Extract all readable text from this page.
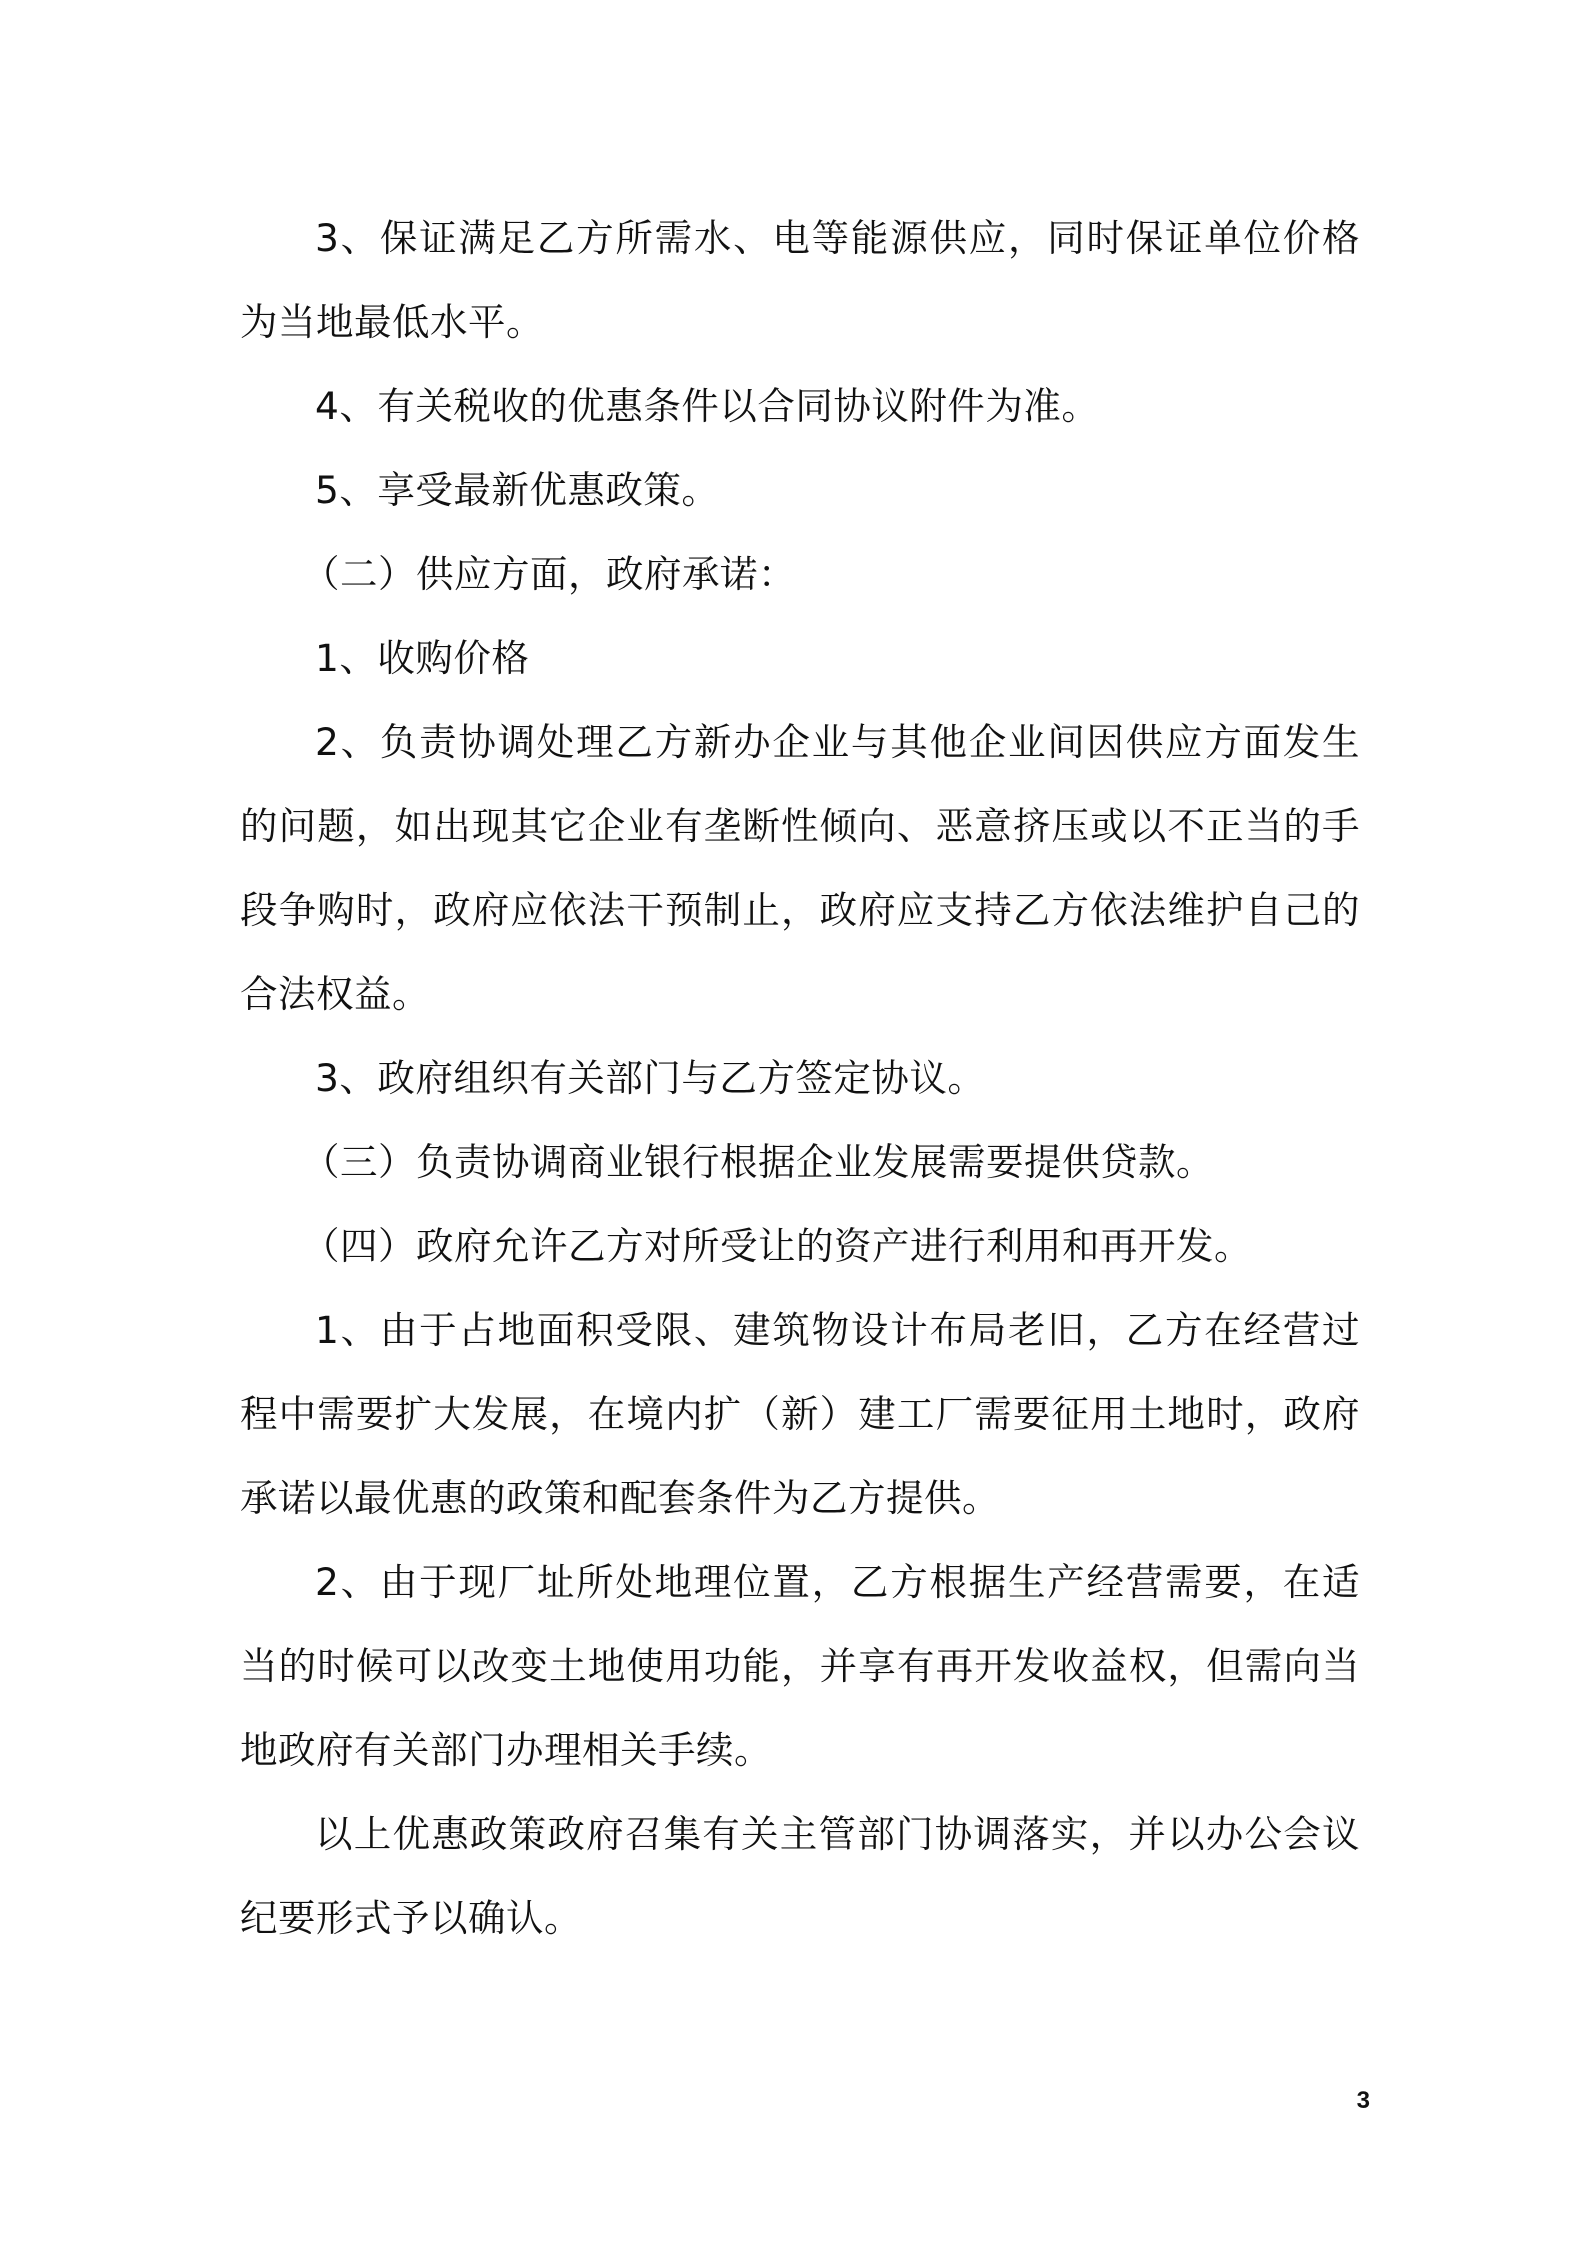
3、保证满足乙方所需水、电等能源供应，同时保证单位价格为当地最低水平。

4、有关税收的优惠条件以合同协议附件为准。

5、享受最新优惠政策。

（二）供应方面，政府承诺：

1、收购价格

2、负责协调处理乙方新办企业与其他企业间因供应方面发生的问题，如出现其它企业有垄断性倾向、恶意挤压或以不正当的手段争购时，政府应依法干预制止，政府应支持乙方依法维护自己的合法权益。

3、政府组织有关部门与乙方签定协议。

（三）负责协调商业银行根据企业发展需要提供贷款。

（四）政府允许乙方对所受让的资产进行利用和再开发。

1、由于占地面积受限、建筑物设计布局老旧，乙方在经营过程中需要扩大发展，在境内扩（新）建工厂需要征用土地时，政府承诺以最优惠的政策和配套条件为乙方提供。

2、由于现厂址所处地理位置，乙方根据生产经营需要，在适当的时候可以改变土地使用功能，并享有再开发收益权，但需向当地政府有关部门办理相关手续。

以上优惠政策政府召集有关主管部门协调落实，并以办公会议纪要形式予以确认。

3
